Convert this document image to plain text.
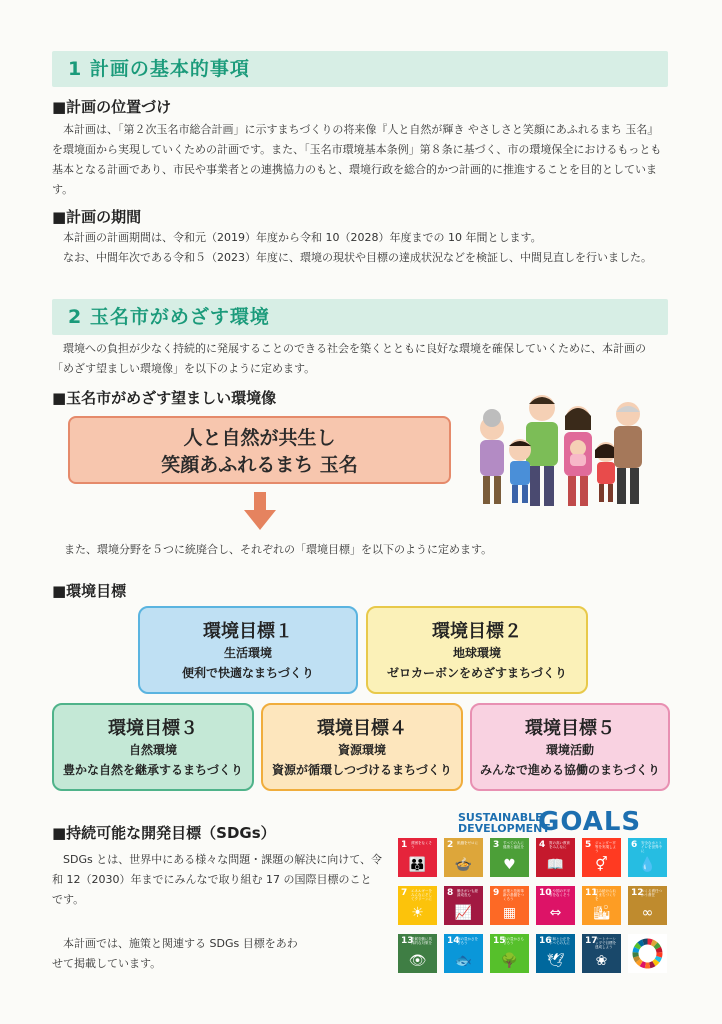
1 計画の基本的事項
■計画の位置づけ

本計画は、「第２次玉名市総合計画」に示すまちづくりの将来像『人と自然が輝き やさしさと笑顔にあふれるまち 玉名』を環境面から実現していくための計画です。また、「玉名市環境基本条例」第８条に基づく、市の環境保全におけるもっとも基本となる計画であり、市民や事業者との連携協力のもと、環境行政を総合的かつ計画的に推進することを目的としています。

■計画の期間

本計画の計画期間は、令和元（2019）年度から令和 10（2028）年度までの 10 年間とします。

なお、中間年次である令和５（2023）年度に、環境の現状や目標の達成状況などを検証し、中間見直しを行いました。

2 玉名市がめざす環境

環境への負担が少なく持続的に発展することのできる社会を築くとともに良好な環境を確保していくために、本計画の「めざす望ましい環境像」を以下のように定めます。

■玉名市がめざす望ましい環境像
人と自然が共生し
笑顔あふれるまち 玉名

また、環境分野を５つに統廃合し、それぞれの「環境目標」を以下のように定めます。

■環境目標
環境目標１
生活環境
便利で快適なまちづくり
環境目標２
地球環境
ゼロカーボンをめざすまちづくり
環境目標３
自然環境
豊かな自然を継承するまちづくり
環境目標４
資源環境
資源が循環しつづけるまちづくり
環境目標５
環境活動
みんなで進める協働のまちづくり
■持続可能な開発目標（SDGs）

SDGs とは、世界中にある様々な問題・課題の解決に向けて、令和 12（2030）年までにみんなで取り組む 17 の国際目標のことです。

本計画では、施策と関連する SDGs 目標をあわせて掲載しています。

SUSTAINABLE
DEVELOPMENT
GOALS
1 貧困をなくそう
👪
2 飢餓をゼロに
🍲
3 すべての人に健康と福祉を
♥
4 質の高い教育をみんなに
📖
5 ジェンダー平等を実現しよう
⚥
6 安全な水とトイレを世界中に
💧
7 エネルギーをみんなにそしてクリーンに
☀
8 働きがいも経済成長も
📈
9 産業と技術革新の基盤をつくろう
▦
10
人や国の不平等をなくそう
⇔
11
住み続けられるまちづくりを
🏙
12
つくる責任つかう責任
∞
13
気候変動に具体的な対策を
👁
14
海の豊かさを守ろう
🐟
15
陸の豊かさも守ろう
🌳
16
平和と公正をすべての人に
🕊
17
パートナーシップで目標を達成しよう
❀
